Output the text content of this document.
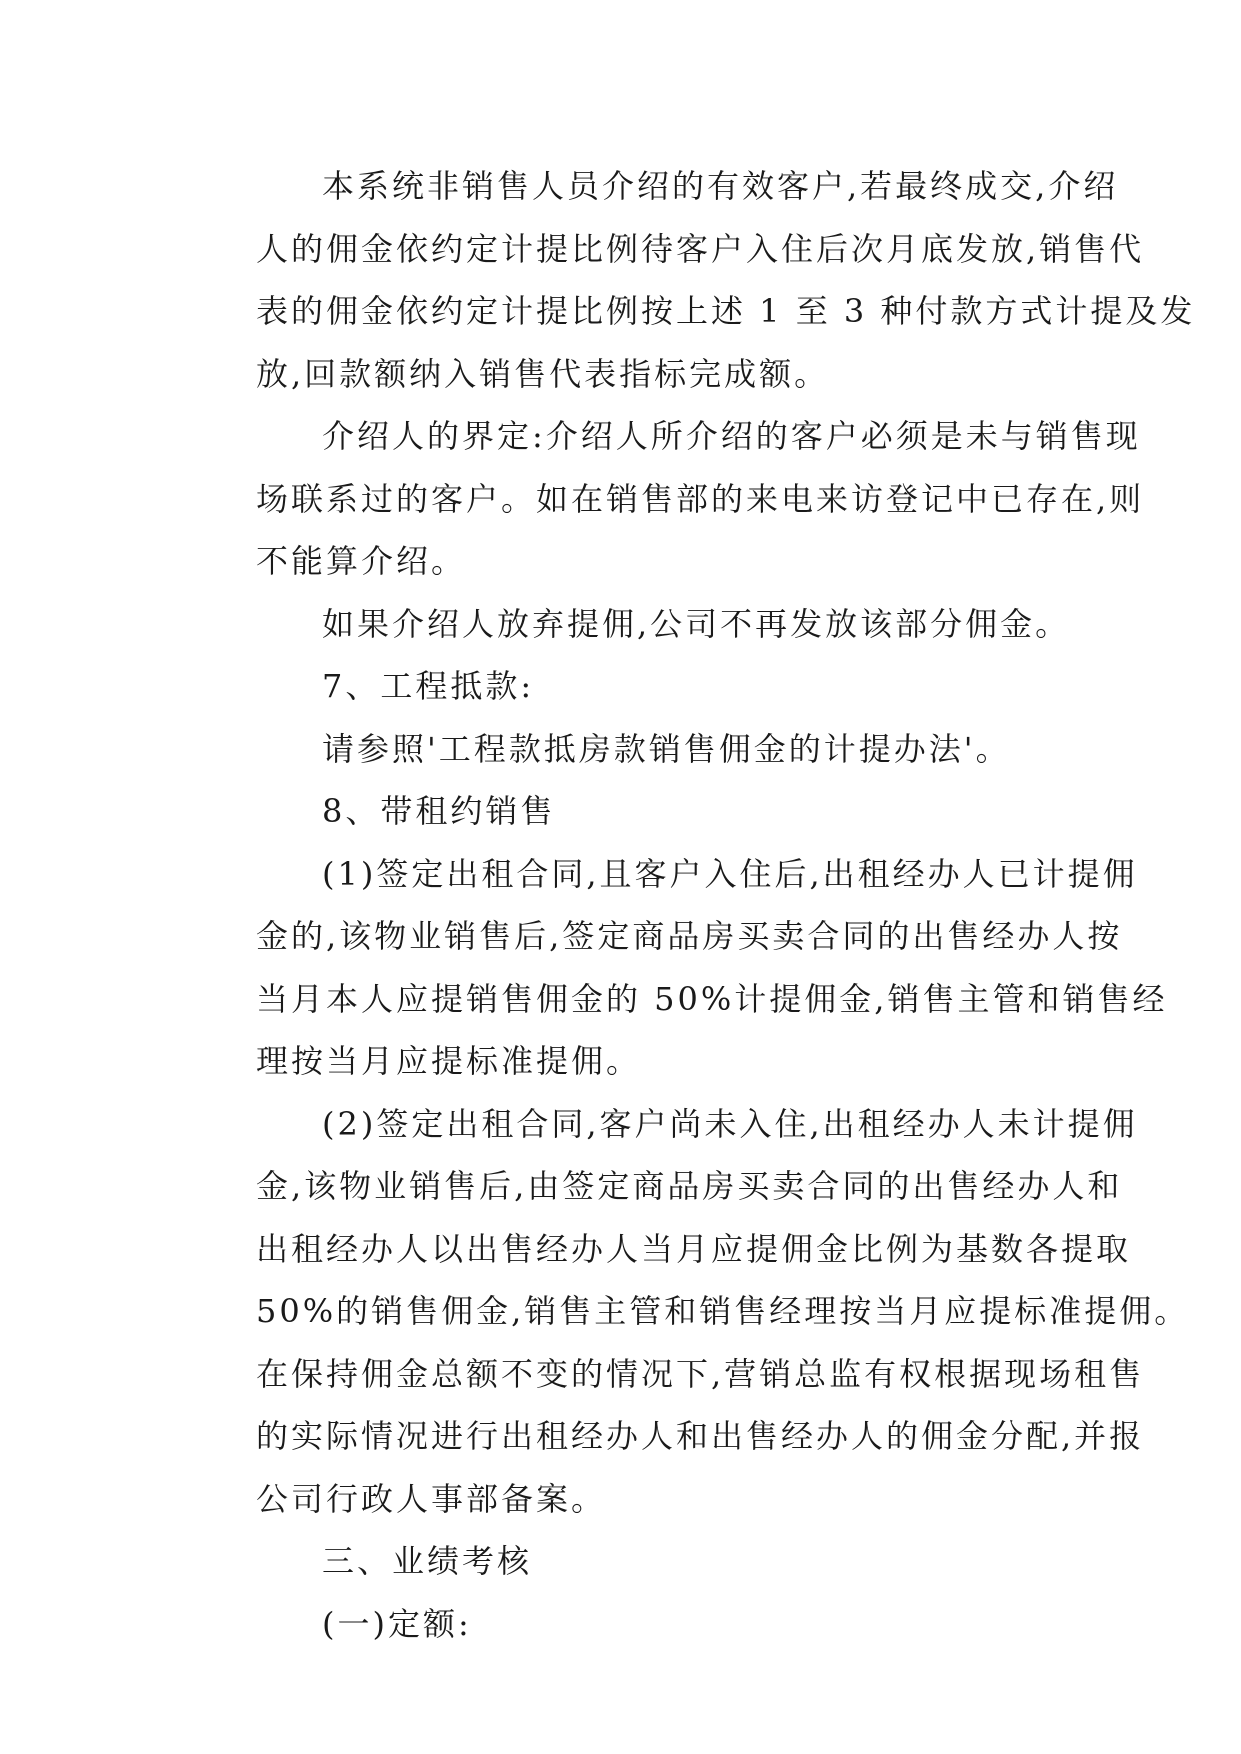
本系统非销售人员介绍的有效客户,若最终成交,介绍
人的佣金依约定计提比例待客户入住后次月底发放,销售代
表的佣金依约定计提比例按上述 1 至 3 种付款方式计提及发
放,回款额纳入销售代表指标完成额。

介绍人的界定:介绍人所介绍的客户必须是未与销售现
场联系过的客户。如在销售部的来电来访登记中已存在,则
不能算介绍。

如果介绍人放弃提佣,公司不再发放该部分佣金。

7、工程抵款:

请参照'工程款抵房款销售佣金的计提办法'。

8、带租约销售

(1)签定出租合同,且客户入住后,出租经办人已计提佣
金的,该物业销售后,签定商品房买卖合同的出售经办人按
当月本人应提销售佣金的 50%计提佣金,销售主管和销售经
理按当月应提标准提佣。

(2)签定出租合同,客户尚未入住,出租经办人未计提佣
金,该物业销售后,由签定商品房买卖合同的出售经办人和
出租经办人以出售经办人当月应提佣金比例为基数各提取
50%的销售佣金,销售主管和销售经理按当月应提标准提佣。
在保持佣金总额不变的情况下,营销总监有权根据现场租售
的实际情况进行出租经办人和出售经办人的佣金分配,并报
公司行政人事部备案。

三、业绩考核

(一)定额:
